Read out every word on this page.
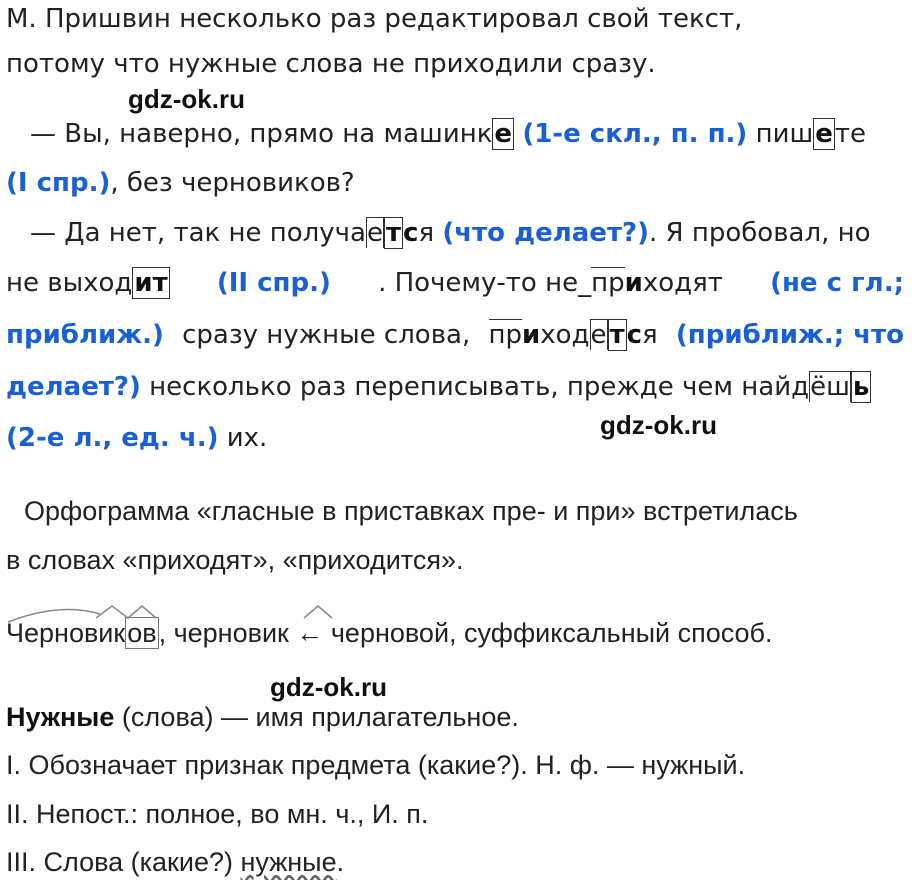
М. Пришвин несколько раз редактировал свой текст,
потому что нужные слова не приходили сразу.
gdz-ok.ru
— Вы, наверно, прямо на машинке (1-е скл., п. п.) пишете
(I спр.), без черновиков?
— Да нет, так не получае тся (что делает?). Я пробовал, но
не выходит (II спр.) . Почему-то не_приходят (не с гл.;
приближ.) сразу нужные слова, приходе тся (приближ.; что
делает?) несколько раз переписывать, прежде чем найдёш ь
(2-е л., ед. ч.) их.	gdz-ok.ru
Орфограмма «гласные в приставках пре- и при» встретилась
в словах «приходят», «приходится».
Черновиков, черновик ← черновой, суффиксальный способ.
gdz-ok.ru
Нужные (слова) — имя прилагательное.
I. Обозначает признак предмета (какие?). Н. ф. — нужный.
II. Непост.: полное, во мн. ч., И. п.
III. Слова (какие?) нужные.
